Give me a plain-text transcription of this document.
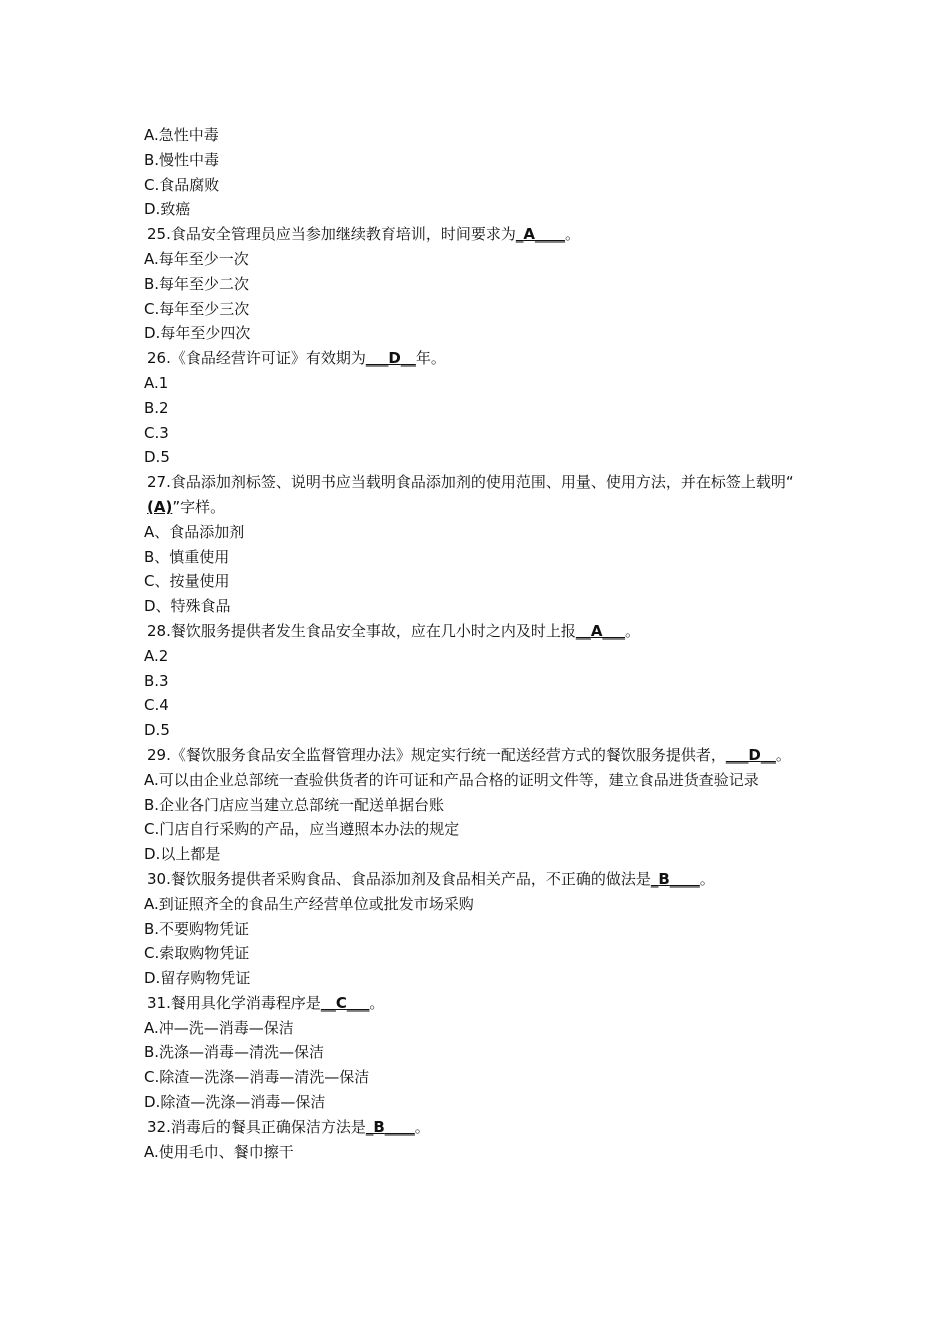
A.急性中毒
B.慢性中毒
C.食品腐败
D.致癌
25.食品安全管理员应当参加继续教育培训，时间要求为_A____。
A.每年至少一次
B.每年至少二次
C.每年至少三次
D.每年至少四次
26.《食品经营许可证》有效期为___D__年。
A.1
B.2
C.3
D.5
27.食品添加剂标签、说明书应当载明食品添加剂的使用范围、用量、使用方法，并在标签上载明“ (A)”字样。
A、食品添加剂
B、慎重使用
C、按量使用
D、特殊食品
28.餐饮服务提供者发生食品安全事故，应在几小时之内及时上报__A___。
A.2
B.3
C.4
D.5
29.《餐饮服务食品安全监督管理办法》规定实行统一配送经营方式的餐饮服务提供者，___D__。
A.可以由企业总部统一查验供货者的许可证和产品合格的证明文件等，建立食品进货查验记录
B.企业各门店应当建立总部统一配送单据台账
C.门店自行采购的产品，应当遵照本办法的规定
D.以上都是
30.餐饮服务提供者采购食品、食品添加剂及食品相关产品，不正确的做法是_B____。
A.到证照齐全的食品生产经营单位或批发市场采购
B.不要购物凭证
C.索取购物凭证
D.留存购物凭证
31.餐用具化学消毒程序是__C___。
A.冲—洗—消毒—保洁
B.洗涤—消毒—清洗—保洁
C.除渣—洗涤—消毒—清洗—保洁
D.除渣—洗涤—消毒—保洁
32.消毒后的餐具正确保洁方法是_B____。
A.使用毛巾、餐巾擦干
